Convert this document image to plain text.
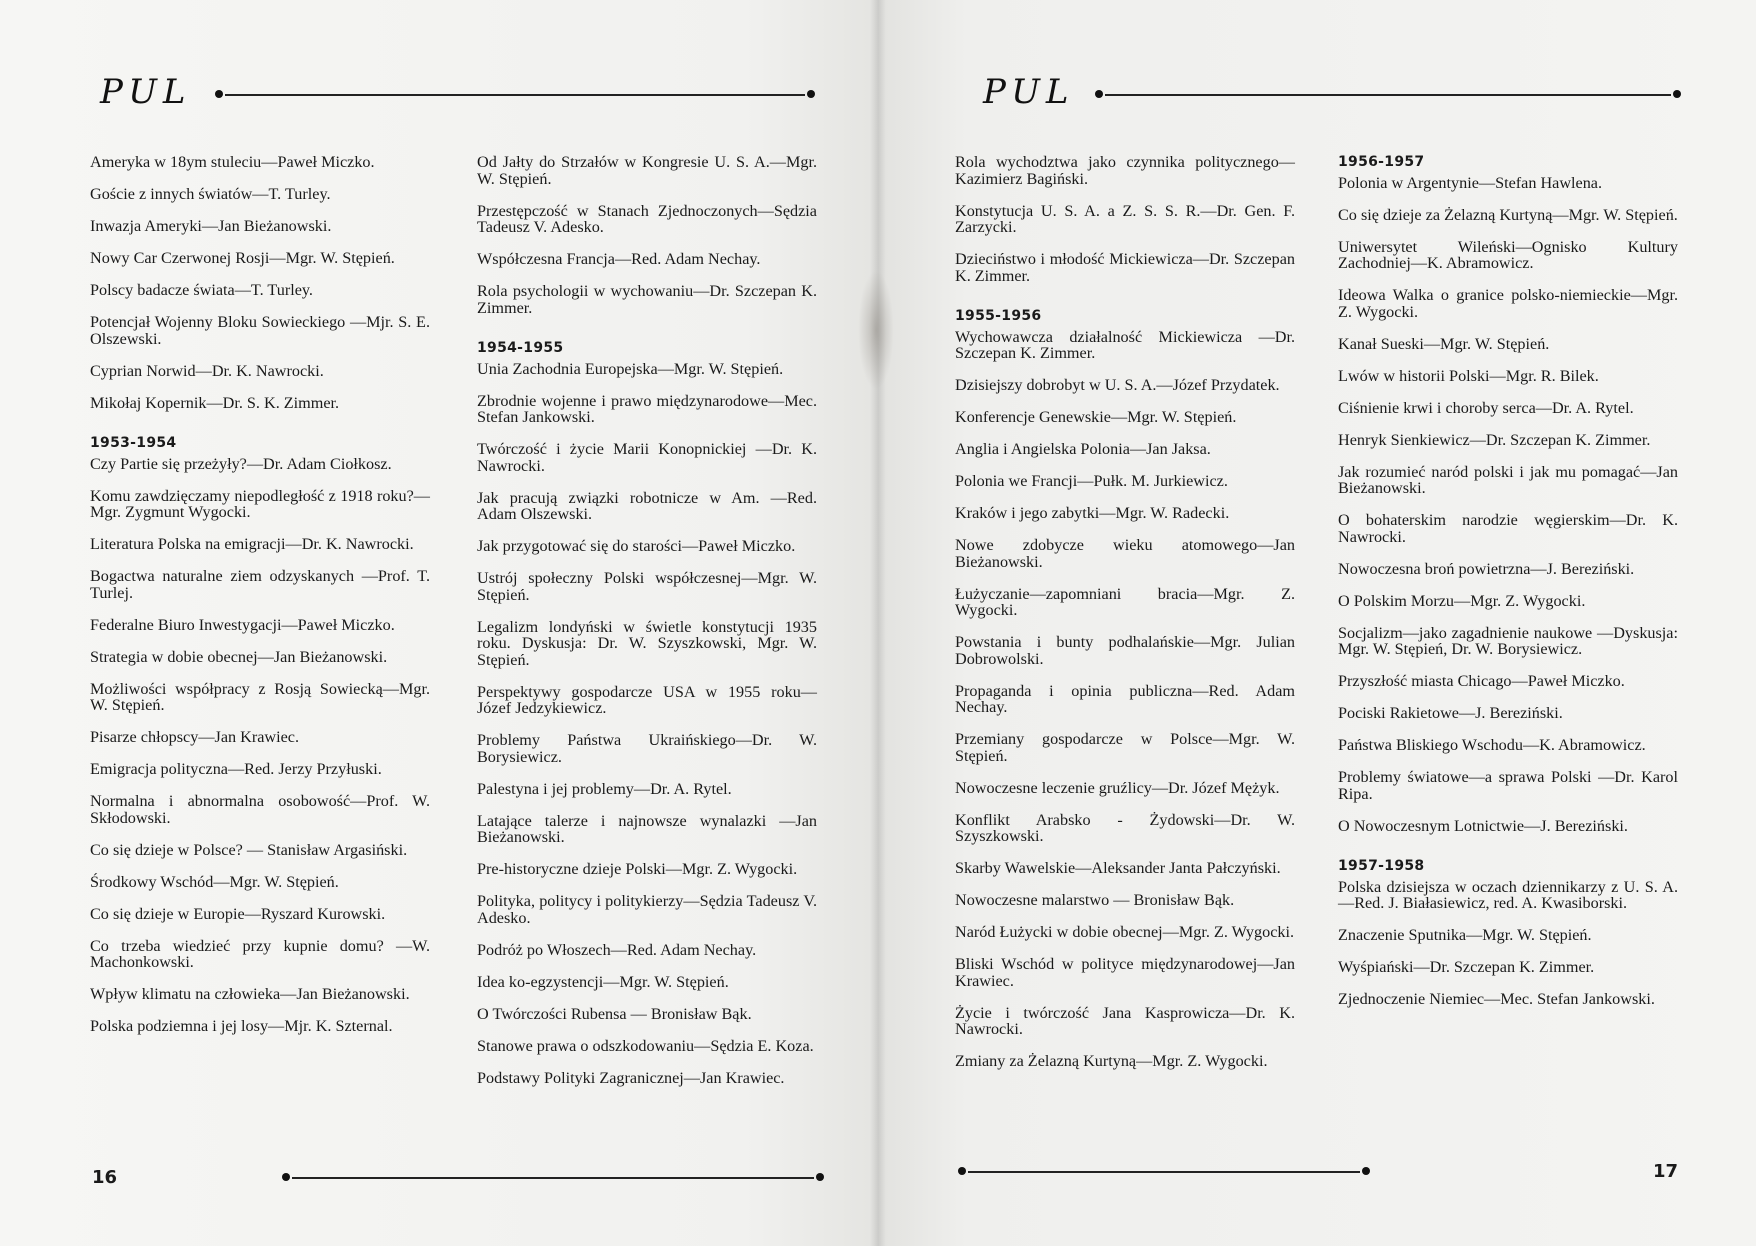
PUL
Ameryka w 18ym stuleciu—Paweł Miczko.
Goście z innych światów—T. Turley.
Inwazja Ameryki—Jan Bieżanowski.
Nowy Car Czerwonej Rosji—Mgr. W. Stępień.
Polscy badacze świata—T. Turley.
Potencjał Wojenny Bloku Sowieckiego —Mjr. S. E. Olszewski.
Cyprian Norwid—Dr. K. Nawrocki.
Mikołaj Kopernik—Dr. S. K. Zimmer.
1953-1954
Czy Partie się przeżyły?—Dr. Adam Ciołkosz.
Komu zawdzięczamy niepodległość z 1918 roku?—Mgr. Zygmunt Wygocki.
Literatura Polska na emigracji—Dr. K. Nawrocki.
Bogactwa naturalne ziem odzyskanych —Prof. T. Turlej.
Federalne Biuro Inwestygacji—Paweł Miczko.
Strategia w dobie obecnej—Jan Bieżanowski.
Możliwości współpracy z Rosją Sowiecką—Mgr. W. Stępień.
Pisarze chłopscy—Jan Krawiec.
Emigracja polityczna—Red. Jerzy Przyłuski.
Normalna i abnormalna osobowość—Prof. W. Skłodowski.
Co się dzieje w Polsce? — Stanisław Argasiński.
Środkowy Wschód—Mgr. W. Stępień.
Co się dzieje w Europie—Ryszard Kurowski.
Co trzeba wiedzieć przy kupnie domu? —W. Machonkowski.
Wpływ klimatu na człowieka—Jan Bieżanowski.
Polska podziemna i jej losy—Mjr. K. Szternal.
Od Jałty do Strzałów w Kongresie U. S. A.—Mgr. W. Stępień.
Przestępczość w Stanach Zjednoczonych—Sędzia Tadeusz V. Adesko.
Współczesna Francja—Red. Adam Nechay.
Rola psychologii w wychowaniu—Dr. Szczepan K. Zimmer.
1954-1955
Unia Zachodnia Europejska—Mgr. W. Stępień.
Zbrodnie wojenne i prawo międzynarodowe—Mec. Stefan Jankowski.
Twórczość i życie Marii Konopnickiej —Dr. K. Nawrocki.
Jak pracują związki robotnicze w Am. —Red. Adam Olszewski.
Jak przygotować się do starości—Paweł Miczko.
Ustrój społeczny Polski współczesnej—Mgr. W. Stępień.
Legalizm londyński w świetle konstytucji 1935 roku. Dyskusja: Dr. W. Szyszkowski, Mgr. W. Stępień.
Perspektywy gospodarcze USA w 1955 roku—Józef Jedzykiewicz.
Problemy Państwa Ukraińskiego—Dr. W. Borysiewicz.
Palestyna i jej problemy—Dr. A. Rytel.
Latające talerze i najnowsze wynalazki —Jan Bieżanowski.
Pre-historyczne dzieje Polski—Mgr. Z. Wygocki.
Polityka, politycy i politykierzy—Sędzia Tadeusz V. Adesko.
Podróż po Włoszech—Red. Adam Nechay.
Idea ko-egzystencji—Mgr. W. Stępień.
O Twórczości Rubensa — Bronisław Bąk.
Stanowe prawa o odszkodowaniu—Sędzia E. Koza.
Podstawy Polityki Zagranicznej—Jan Krawiec.
16
PUL
Rola wychodztwa jako czynnika politycznego—Kazimierz Bagiński.
Konstytucja U. S. A. a Z. S. S. R.—Dr. Gen. F. Zarzycki.
Dzieciństwo i młodość Mickiewicza—Dr. Szczepan K. Zimmer.
1955-1956
Wychowawcza działalność Mickiewicza —Dr. Szczepan K. Zimmer.
Dzisiejszy dobrobyt w U. S. A.—Józef Przydatek.
Konferencje Genewskie—Mgr. W. Stępień.
Anglia i Angielska Polonia—Jan Jaksa.
Polonia we Francji—Pułk. M. Jurkiewicz.
Kraków i jego zabytki—Mgr. W. Radecki.
Nowe zdobycze wieku atomowego—Jan Bieżanowski.
Łużyczanie—zapomniani bracia—Mgr. Z. Wygocki.
Powstania i bunty podhalańskie—Mgr. Julian Dobrowolski.
Propaganda i opinia publiczna—Red. Adam Nechay.
Przemiany gospodarcze w Polsce—Mgr. W. Stępień.
Nowoczesne leczenie gruźlicy—Dr. Józef Mężyk.
Konflikt Arabsko - Żydowski—Dr. W. Szyszkowski.
Skarby Wawelskie—Aleksander Janta Pałczyński.
Nowoczesne malarstwo — Bronisław Bąk.
Naród Łużycki w dobie obecnej—Mgr. Z. Wygocki.
Bliski Wschód w polityce międzynarodowej—Jan Krawiec.
Życie i twórczość Jana Kasprowicza—Dr. K. Nawrocki.
Zmiany za Żelazną Kurtyną—Mgr. Z. Wygocki.
1956-1957
Polonia w Argentynie—Stefan Hawlena.
Co się dzieje za Żelazną Kurtyną—Mgr. W. Stępień.
Uniwersytet Wileński—Ognisko Kultury Zachodniej—K. Abramowicz.
Ideowa Walka o granice polsko-niemieckie—Mgr. Z. Wygocki.
Kanał Sueski—Mgr. W. Stępień.
Lwów w historii Polski—Mgr. R. Bilek.
Ciśnienie krwi i choroby serca—Dr. A. Rytel.
Henryk Sienkiewicz—Dr. Szczepan K. Zimmer.
Jak rozumieć naród polski i jak mu pomagać—Jan Bieżanowski.
O bohaterskim narodzie węgierskim—Dr. K. Nawrocki.
Nowoczesna broń powietrzna—J. Bereziński.
O Polskim Morzu—Mgr. Z. Wygocki.
Socjalizm—jako zagadnienie naukowe —Dyskusja: Mgr. W. Stępień, Dr. W. Borysiewicz.
Przyszłość miasta Chicago—Paweł Miczko.
Pociski Rakietowe—J. Bereziński.
Państwa Bliskiego Wschodu—K. Abramowicz.
Problemy światowe—a sprawa Polski —Dr. Karol Ripa.
O Nowoczesnym Lotnictwie—J. Bereziński.
1957-1958
Polska dzisiejsza w oczach dziennikarzy z U. S. A.—Red. J. Białasiewicz, red. A. Kwasiborski.
Znaczenie Sputnika—Mgr. W. Stępień.
Wyśpiański—Dr. Szczepan K. Zimmer.
Zjednoczenie Niemiec—Mec. Stefan Jankowski.
17
